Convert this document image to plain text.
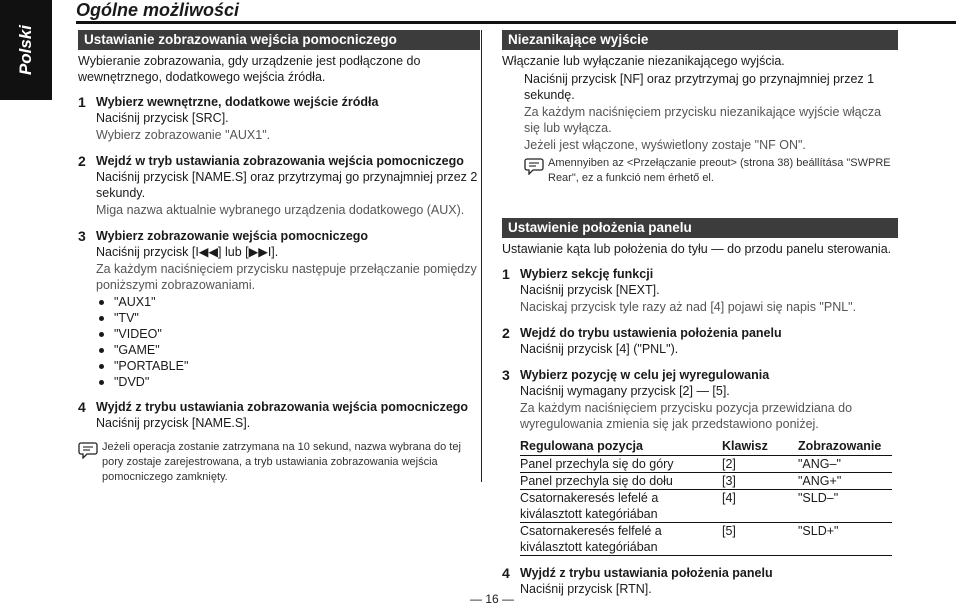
Polski
Ogólne możliwości
Ustawianie zobrazowania wejścia pomocniczego
Wybieranie zobrazowania, gdy urządzenie jest podłączone do wewnętrznego, dodatkowego wejścia źródła.
1 Wybierz wewnętrzne, dodatkowe wejście źródła
Naciśnij przycisk [SRC].
Wybierz zobrazowanie "AUX1".
2 Wejdź w tryb ustawiania zobrazowania wejścia pomocniczego
Naciśnij przycisk [NAME.S] oraz przytrzymaj go przynajmniej przez 2 sekundy.
Miga nazwa aktualnie wybranego urządzenia dodatkowego (AUX).
3 Wybierz zobrazowanie wejścia pomocniczego
Naciśnij przycisk [I◀◀] lub [▶▶I].
Za każdym naciśnięciem przycisku następuje przełączanie pomiędzy poniższymi zobrazowaniami.
"AUX1"
"TV"
"VIDEO"
"GAME"
"PORTABLE"
"DVD"
4 Wyjdź z trybu ustawiania zobrazowania wejścia pomocniczego
Naciśnij przycisk [NAME.S].
Jeżeli operacja zostanie zatrzymana na 10 sekund, nazwa wybrana do tej pory zostaje zarejestrowana, a tryb ustawiania zobrazowania wejścia pomocniczego zamknięty.
Niezanikające wyjście
Włączanie lub wyłączanie niezanikającego wyjścia.
Naciśnij przycisk [NF] oraz przytrzymaj go przynajmniej przez 1 sekundę.
Za każdym naciśnięciem przycisku niezanikające wyjście włącza się lub wyłącza.
Jeżeli jest włączone, wyświetlony zostaje "NF ON".
Amennyiben az <Przełączanie preout> (strona 38) beállítása "SWPRE Rear", ez a funkció nem érhető el.
Ustawienie położenia panelu
Ustawianie kąta lub położenia do tyłu — do przodu panelu sterowania.
1 Wybierz sekcję funkcji
Naciśnij przycisk [NEXT].
Naciskaj przycisk tyle razy aż nad [4] pojawi się napis "PNL".
2 Wejdź do trybu ustawienia położenia panelu
Naciśnij przycisk [4] ("PNL").
3 Wybierz pozycję w celu jej wyregulowania
Naciśnij wymagany przycisk [2] — [5].
Za każdym naciśnięciem przycisku pozycja przewidziana do wyregulowania zmienia się jak przedstawiono poniżej.
Regulowana pozycja	Klawisz	Zobrazowanie
Panel przechyla się do góry	[2]	"ANG–"
Panel przechyla się do dołu	[3]	"ANG+"
Csatornakeresés lefelé a kiválasztott kategóriában	[4]	"SLD–"
Csatornakeresés felfelé a kiválasztott kategóriában	[5]	"SLD+"
4 Wyjdź z trybu ustawiania położenia panelu
Naciśnij przycisk [RTN].
— 16 —
